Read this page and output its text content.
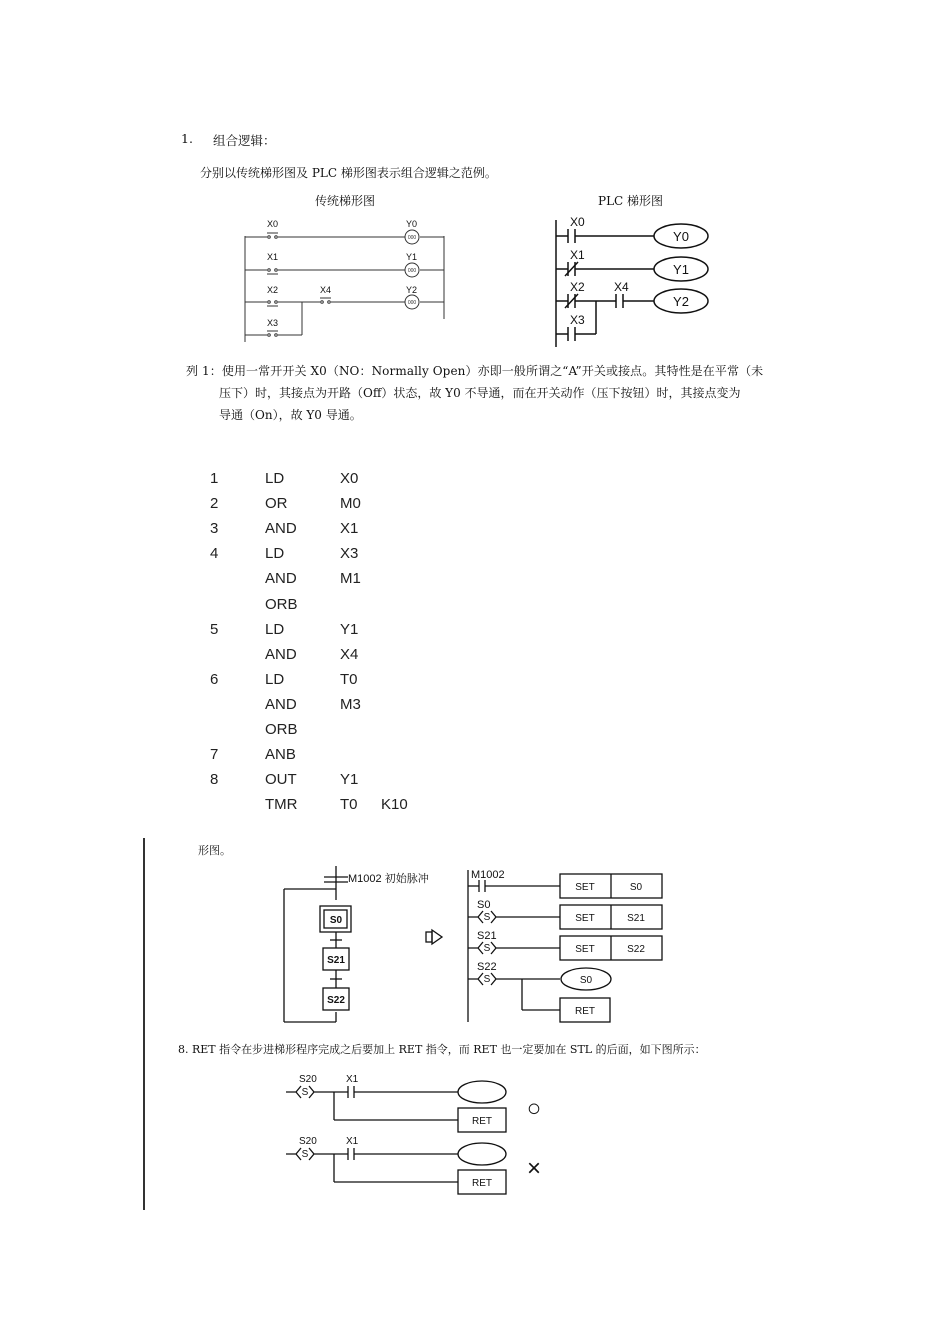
1. 组合逻辑：
分别以传统梯形图及 PLC 梯形图表示组合逻辑之范例。
传统梯形图	PLC 梯形图
000
000
000
X0
X1
X2	X4
X3
Y0
Y1
Y2
X0
X1
X2 X4
X3
Y0
Y1
Y2
列 1：使用一常开开关 X0（NO：Normally Open）亦即一般所谓之“A”开关或接点。其特性是在平常（未
压下）时，其接点为开路（Off）状态，故 Y0 不导通，而在开关动作（压下按钮）时，其接点变为
导通（On），故 Y0 导通。
1	LD	X0
2	OR	M0
3	AND	X1
4	LD	X3
AND	M1
ORB
5	LD	Y1
AND	X4
6	LD	T0
AND	M3
ORB
7	ANB
8	OUT	Y1
TMR	T0 K10
形图。
M1002 初始脉冲	M1002
S0
S21
S22
S0
S21
S22
S
S
S
SET	S0
SET	S21
SET	S22
S0
RET
8. RET 指令在步进梯形程序完成之后要加上 RET 指令，而 RET 也一定要加在 STL 的后面，如下图所示：
S20	X1
S20	X1
S
S
RET
RET
○
×
